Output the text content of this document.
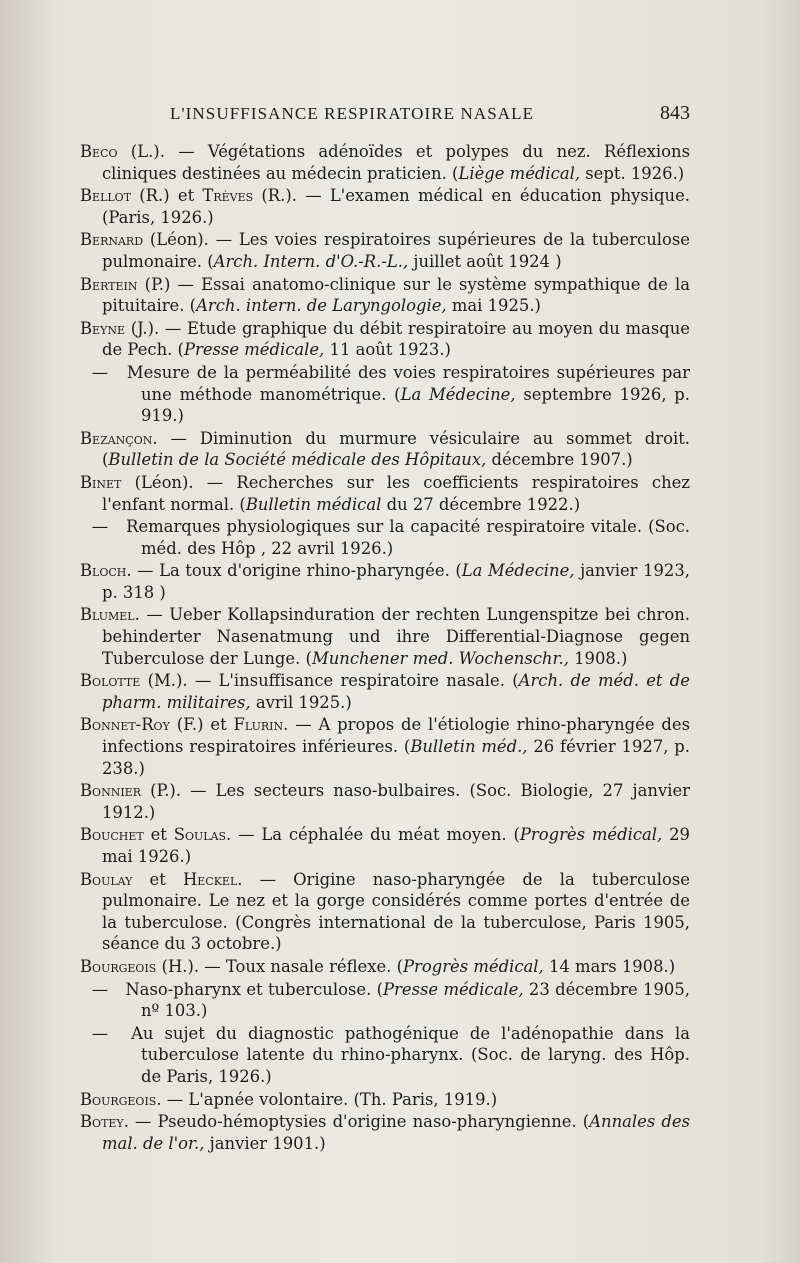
L'INSUFFISANCE RESPIRATOIRE NASALE	843

Beco (L.). — Végétations adénoïdes et polypes du nez. Réflexions cliniques destinées au médecin praticien. (Liège médical, sept. 1926.)

Bellot (R.) et Trèves (R.). — L'examen médical en éducation physique. (Paris, 1926.)

Bernard (Léon). — Les voies respiratoires supérieures de la tuberculose pulmonaire. (Arch. Intern. d'O.-R.-L., juillet août 1924 )

Bertein (P.) — Essai anatomo-clinique sur le système sympathique de la pituitaire. (Arch. intern. de Laryngologie, mai 1925.)

Beyne (J.). — Etude graphique du débit respiratoire au moyen du masque de Pech. (Presse médicale, 11 août 1923.)

— Mesure de la perméabilité des voies respiratoires supérieures par une méthode manométrique. (La Médecine, septembre 1926, p. 919.)

Bezançon. — Diminution du murmure vésiculaire au sommet droit. (Bulletin de la Société médicale des Hôpitaux, décembre 1907.)

Binet (Léon). — Recherches sur les coefficients respiratoires chez l'enfant normal. (Bulletin médical du 27 décembre 1922.)

— Remarques physiologiques sur la capacité respiratoire vitale. (Soc. méd. des Hôp , 22 avril 1926.)

Bloch. — La toux d'origine rhino-pharyngée. (La Médecine, janvier 1923, p. 318 )

Blumel. — Ueber Kollapsinduration der rechten Lungenspitze bei chron. behinderter Nasenatmung und ihre Differential-Diagnose gegen Tuberculose der Lunge. (Munchener med. Wochenschr., 1908.)

Bolotte (M.). — L'insuffisance respiratoire nasale. (Arch. de méd. et de pharm. militaires, avril 1925.)

Bonnet-Roy (F.) et Flurin. — A propos de l'étiologie rhino-pharyngée des infections respiratoires inférieures. (Bulletin méd., 26 février 1927, p. 238.)

Bonnier (P.). — Les secteurs naso-bulbaires. (Soc. Biologie, 27 janvier 1912.)

Bouchet et Soulas. — La céphalée du méat moyen. (Progrès médical, 29 mai 1926.)

Boulay et Heckel. — Origine naso-pharyngée de la tuberculose pulmonaire. Le nez et la gorge considérés comme portes d'entrée de la tuberculose. (Congrès international de la tuberculose, Paris 1905, séance du 3 octobre.)

Bourgeois (H.). — Toux nasale réflexe. (Progrès médical, 14 mars 1908.)

— Naso-pharynx et tuberculose. (Presse médicale, 23 décembre 1905, nº 103.)

— Au sujet du diagnostic pathogénique de l'adénopathie dans la tuberculose latente du rhino-pharynx. (Soc. de laryng. des Hôp. de Paris, 1926.)

Bourgeois. — L'apnée volontaire. (Th. Paris, 1919.)

Botey. — Pseudo-hémoptysies d'origine naso-pharyngienne. (Annales des mal. de l'or., janvier 1901.)
